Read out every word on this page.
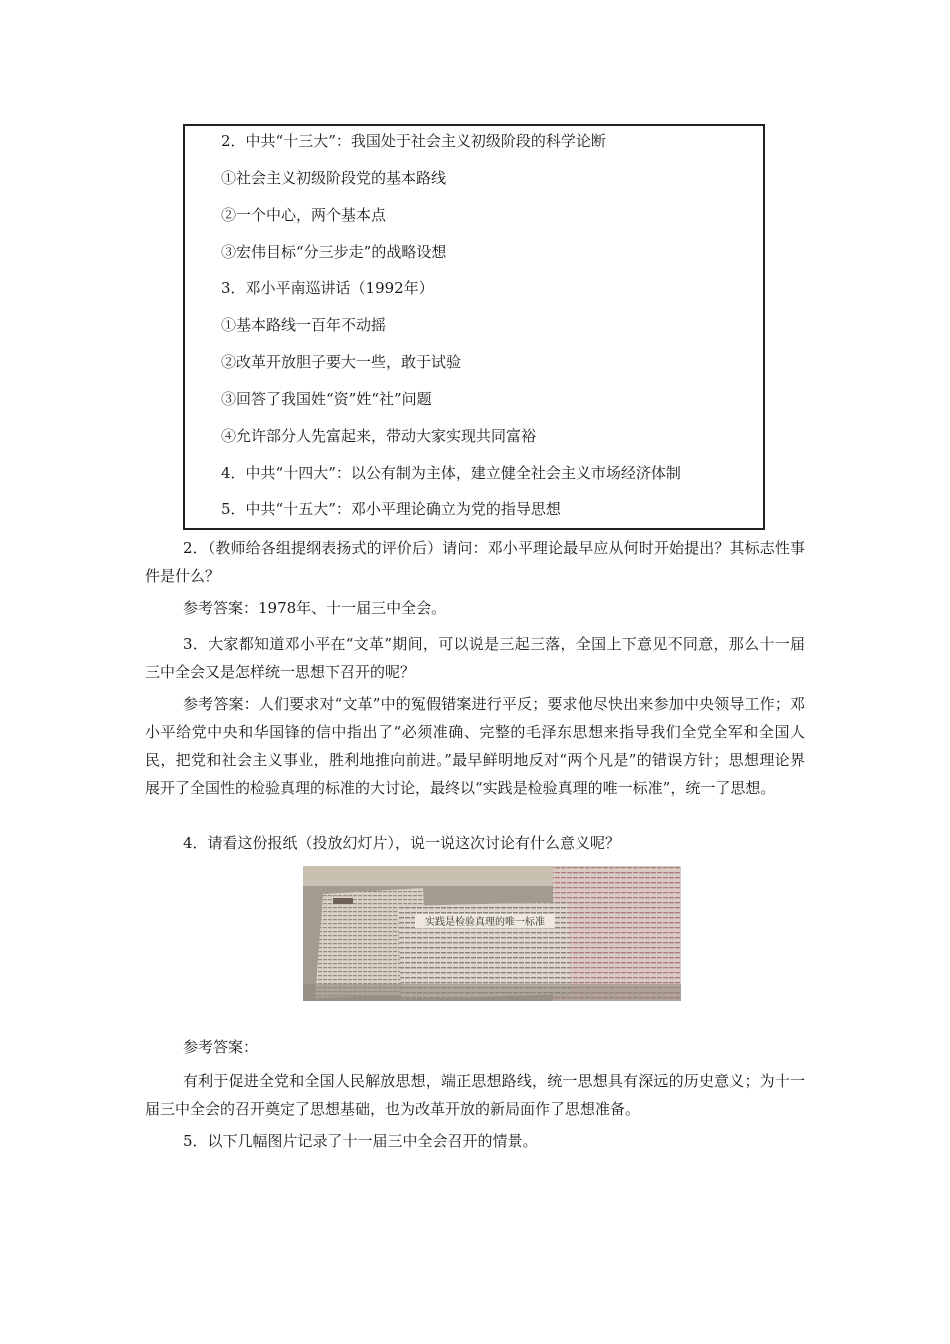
2．中共“十三大”：我国处于社会主义初级阶段的科学论断
①社会主义初级阶段党的基本路线
②一个中心，两个基本点
③宏伟目标“分三步走”的战略设想
3．邓小平南巡讲话（1992年）
①基本路线一百年不动摇
②改革开放胆子要大一些，敢于试验
③回答了我国姓“资”姓“社”问题
④允许部分人先富起来，带动大家实现共同富裕
4．中共“十四大”：以公有制为主体，建立健全社会主义市场经济体制
5．中共“十五大”：邓小平理论确立为党的指导思想

2．（教师给各组提纲表扬式的评价后）请问：邓小平理论最早应从何时开始提出？其标志性事件是什么？

参考答案：1978年、十一届三中全会。

3．大家都知道邓小平在“文革”期间，可以说是三起三落，全国上下意见不同意，那么十一届三中全会又是怎样统一思想下召开的呢？

参考答案：人们要求对“文革”中的冤假错案进行平反；要求他尽快出来参加中央领导工作；邓小平给党中央和华国锋的信中指出了“必须准确、完整的毛泽东思想来指导我们全党全军和全国人民，把党和社会主义事业，胜利地推向前进。”最早鲜明地反对“两个凡是”的错误方针；思想理论界展开了全国性的检验真理的标准的大讨论，最终以“实践是检验真理的唯一标准”，统一了思想。

4．请看这份报纸（投放幻灯片），说一说这次讨论有什么意义呢？

实践是检验真理的唯一标准

参考答案：

有利于促进全党和全国人民解放思想，端正思想路线，统一思想具有深远的历史意义；为十一届三中全会的召开奠定了思想基础，也为改革开放的新局面作了思想准备。

5．以下几幅图片记录了十一届三中全会召开的情景。
